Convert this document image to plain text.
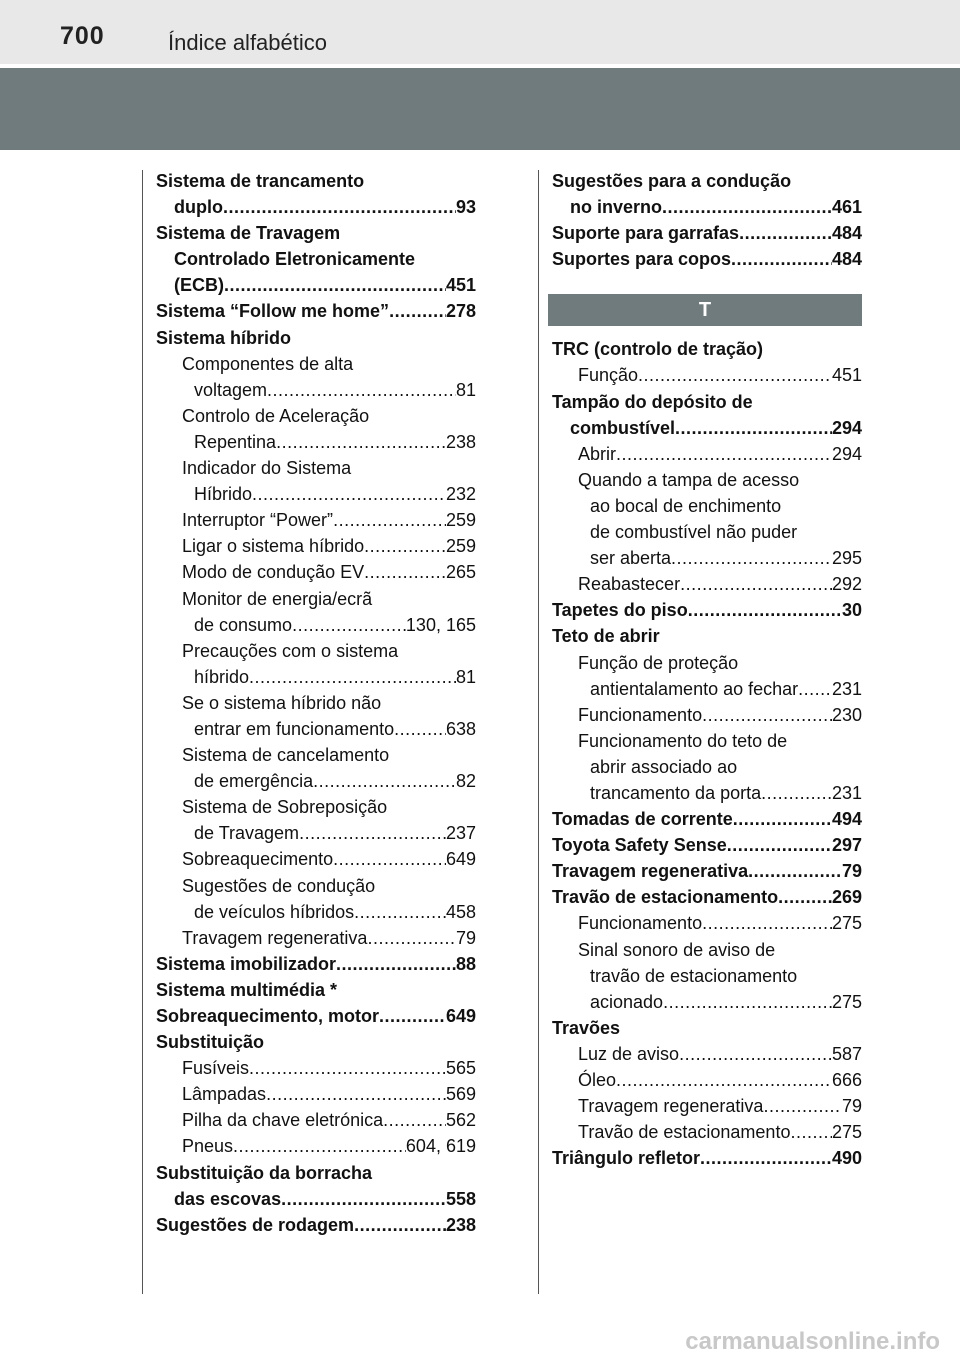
700	Índice alfabético
Sistema de trancamento
duplo .....	93
Sistema de Travagem
Controlado Eletronicamente
(ECB) .....	451
Sistema “Follow me home” .....	278
Sistema híbrido
Componentes de alta
voltagem .....	81
Controlo de Aceleração
Repentina .....	238
Indicador do Sistema
Híbrido .....	232
Interruptor “Power” .....	259
Ligar o sistema híbrido .....	259
Modo de condução EV .....	265
Monitor de energia/ecrã
de consumo .....	130, 165
Precauções com o sistema
híbrido .....	81
Se o sistema híbrido não
entrar em funcionamento .....	638
Sistema de cancelamento
de emergência .....	82
Sistema de Sobreposição
de Travagem .....	237
Sobreaquecimento .....	649
Sugestões de condução
de veículos híbridos .....	458
Travagem regenerativa .....	79
Sistema imobilizador .....	88
Sistema multimédia *
Sobreaquecimento, motor .....	649
Substituição
Fusíveis .....	565
Lâmpadas .....	569
Pilha da chave eletrónica .....	562
Pneus .....	604, 619
Substituição da borracha
das escovas .....	558
Sugestões de rodagem .....	238
Sugestões para a condução
no inverno .....	461
Suporte para garrafas .....	484
Suportes para copos .....	484
T
TRC (controlo de tração)
Função .....	451
Tampão do depósito de
combustível .....	294
Abrir .....	294
Quando a tampa de acesso
ao bocal de enchimento
de combustível não puder
ser aberta .....	295
Reabastecer .....	292
Tapetes do piso .....	30
Teto de abrir
Função de proteção
antientalamento ao fechar ..... 231
Funcionamento .....	230
Funcionamento do teto de
abrir associado ao
trancamento da porta .....	231
Tomadas de corrente .....	494
Toyota Safety Sense .....	297
Travagem regenerativa .....	79
Travão de estacionamento .....	269
Funcionamento .....	275
Sinal sonoro de aviso de
travão de estacionamento
acionado .....	275
Travões
Luz de aviso .....	587
Óleo .....	666
Travagem regenerativa .....	79
Travão de estacionamento ..... 275
Triângulo refletor .....	490
carmanualsonline.info
